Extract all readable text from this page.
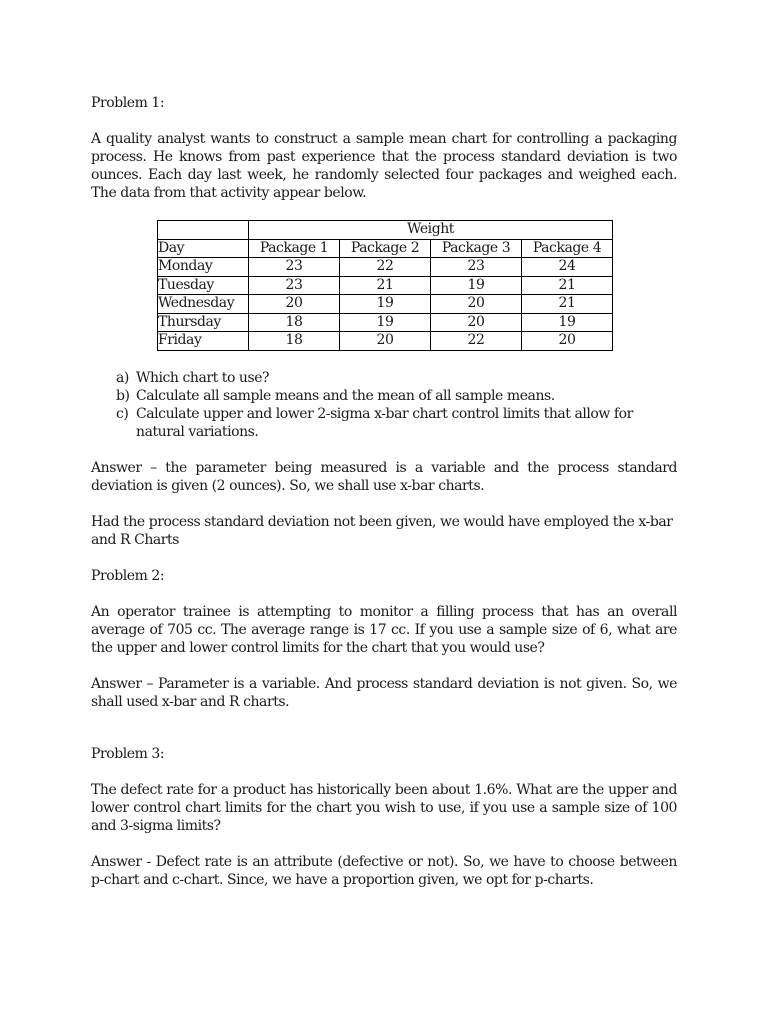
Problem 1:

A quality analyst wants to construct a sample mean chart for controlling a packaging process. He knows from past experience that the process standard deviation is two ounces. Each day last week, he randomly selected four packages and weighed each. The data from that activity appear below.

	Weight			
Day	Package 1	Package 2	Package 3	Package 4
Monday	23	22	23	24
Tuesday	23	21	19	21
Wednesday	20	19	20	21
Thursday	18	19	20	19
Friday	18	20	22	20
a) Which chart to use?
b) Calculate all sample means and the mean of all sample means.
c) Calculate upper and lower 2-sigma x-bar chart control limits that allow for natural variations.

Answer – the parameter being measured is a variable and the process standard deviation is given (2 ounces). So, we shall use x-bar charts.

Had the process standard deviation not been given, we would have employed the x-bar and R Charts

Problem 2:

An operator trainee is attempting to monitor a filling process that has an overall average of 705 cc. The average range is 17 cc. If you use a sample size of 6, what are the upper and lower control limits for the chart that you would use?

Answer – Parameter is a variable. And process standard deviation is not given. So, we shall used x-bar and R charts.

Problem 3:

The defect rate for a product has historically been about 1.6%. What are the upper and lower control chart limits for the chart you wish to use, if you use a sample size of 100 and 3-sigma limits?

Answer - Defect rate is an attribute (defective or not). So, we have to choose between p-chart and c-chart. Since, we have a proportion given, we opt for p-charts.
